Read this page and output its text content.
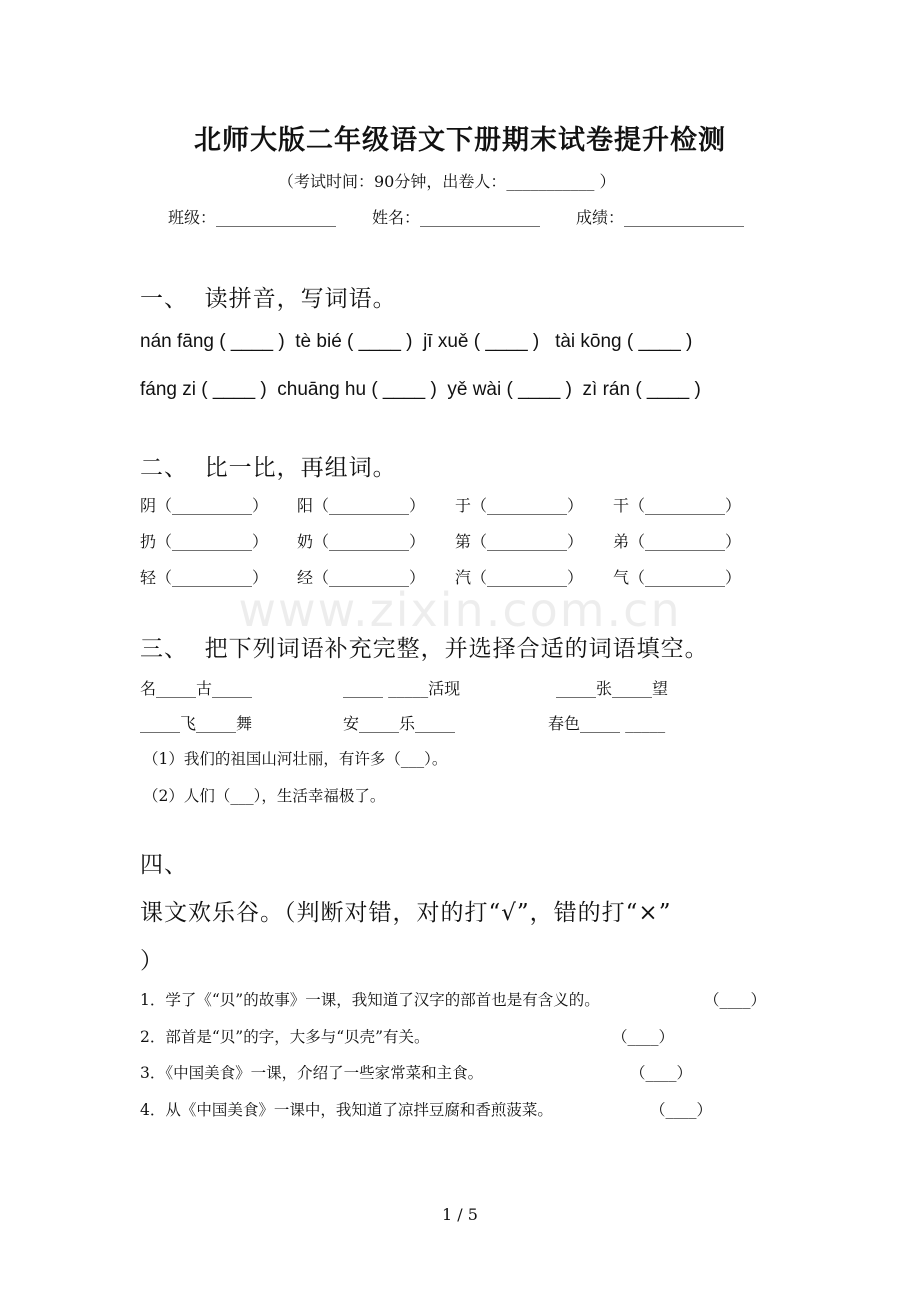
www.zixin.com.cn
北师大版二年级语文下册期末试卷提升检测
（考试时间：90分钟，出卷人：___________ ）
班级：_______________ 姓名：_______________ 成绩：_______________
一、  读拼音，写词语。
nán fāng ( ____ )  tè bié ( ____ )  jī xuě ( ____ )   tài kōng ( ____ )
fáng zi ( ____ )  chuāng hu ( ____ )  yě wài ( ____ )  zì rán ( ____ )
二、  比一比，再组词。
阴（__________） 阳（__________） 于（__________） 干（__________）
扔（__________） 奶（__________） 第（__________） 弟（__________）
轻（__________） 经（__________） 汽（__________） 气（__________）
三、  把下列词语补充完整，并选择合适的词语填空。
名_____古_____	_____ _____活现	_____张_____望
_____飞_____舞	安_____乐_____	春色_____ _____
（1）我们的祖国山河壮丽，有许多（___）。
（2）人们（___），生活幸福极了。
四、
课文欢乐谷。（判断对错，对的打“√”，错的打“×”
）
1．学了《“贝”的故事》一课，我知道了汉字的部首也是有含义的。	（____）
2．部首是“贝”的字，大多与“贝壳”有关。	（____）
3．《中国美食》一课，介绍了一些家常菜和主食。	（____）
4．从《中国美食》一课中，我知道了凉拌豆腐和香煎菠菜。	（____）
1 / 5
